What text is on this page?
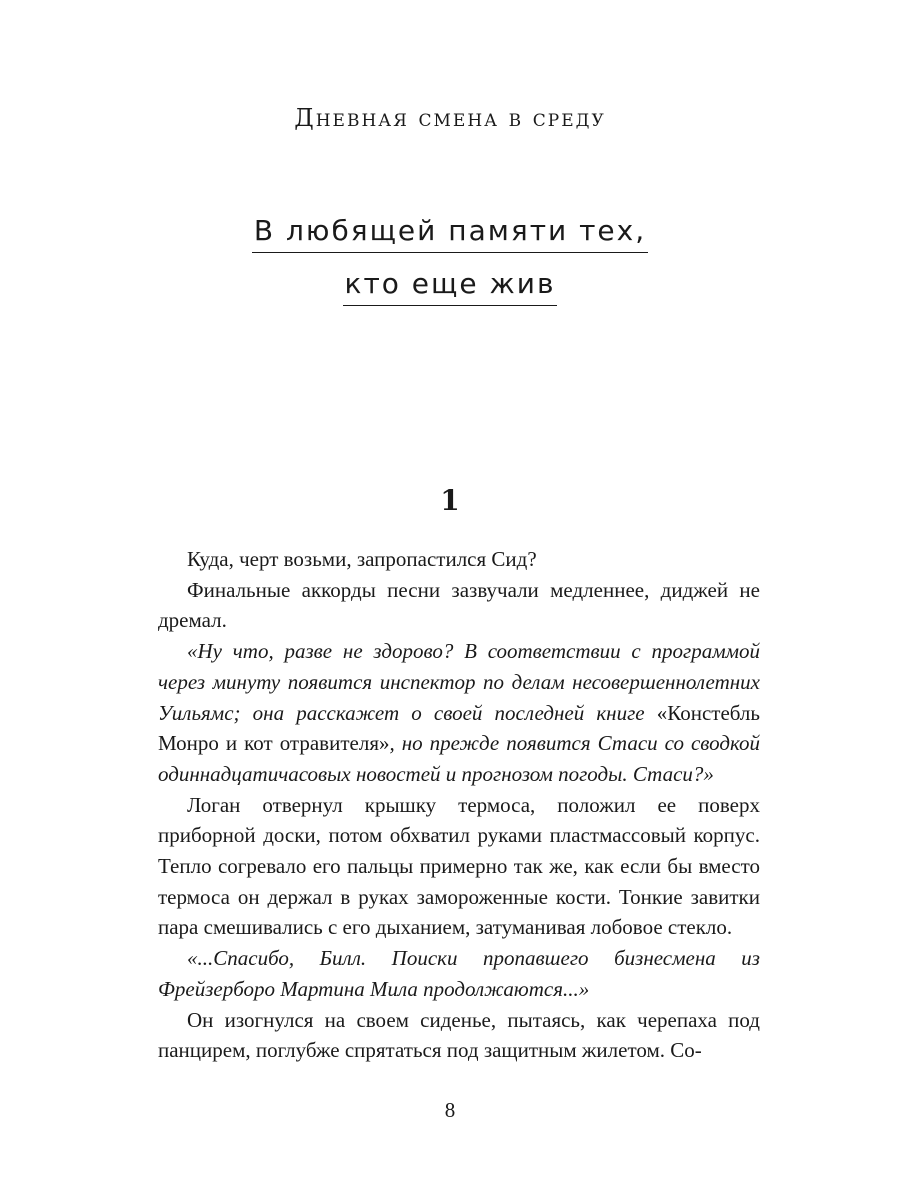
Дневная смена в среду
В любящей памяти тех,
кто еще жив
1

Куда, черт возьми, запропастился Сид?

Финальные аккорды песни зазвучали медленнее, диджей не дремал.

«Ну что, разве не здорово? В соответствии с программой через минуту появится инспектор по делам несовершеннолетних Уильямс; она расскажет о своей последней книге «Констебль Монро и кот отравителя», но прежде появится Стаси со сводкой одиннадцатичасовых новостей и прогнозом погоды. Стаси?»

Логан отвернул крышку термоса, положил ее поверх приборной доски, потом обхватил руками пластмассовый корпус. Тепло согревало его пальцы примерно так же, как если бы вместо термоса он держал в руках замороженные кости. Тонкие завитки пара смешивались с его дыханием, затуманивая лобовое стекло.

«...Спасибо, Билл. Поиски пропавшего бизнесмена из Фрейзерборо Мартина Мила продолжаются...»

Он изогнулся на своем сиденье, пытаясь, как черепаха под панцирем, поглубже спрятаться под защитным жилетом. Со-

8
